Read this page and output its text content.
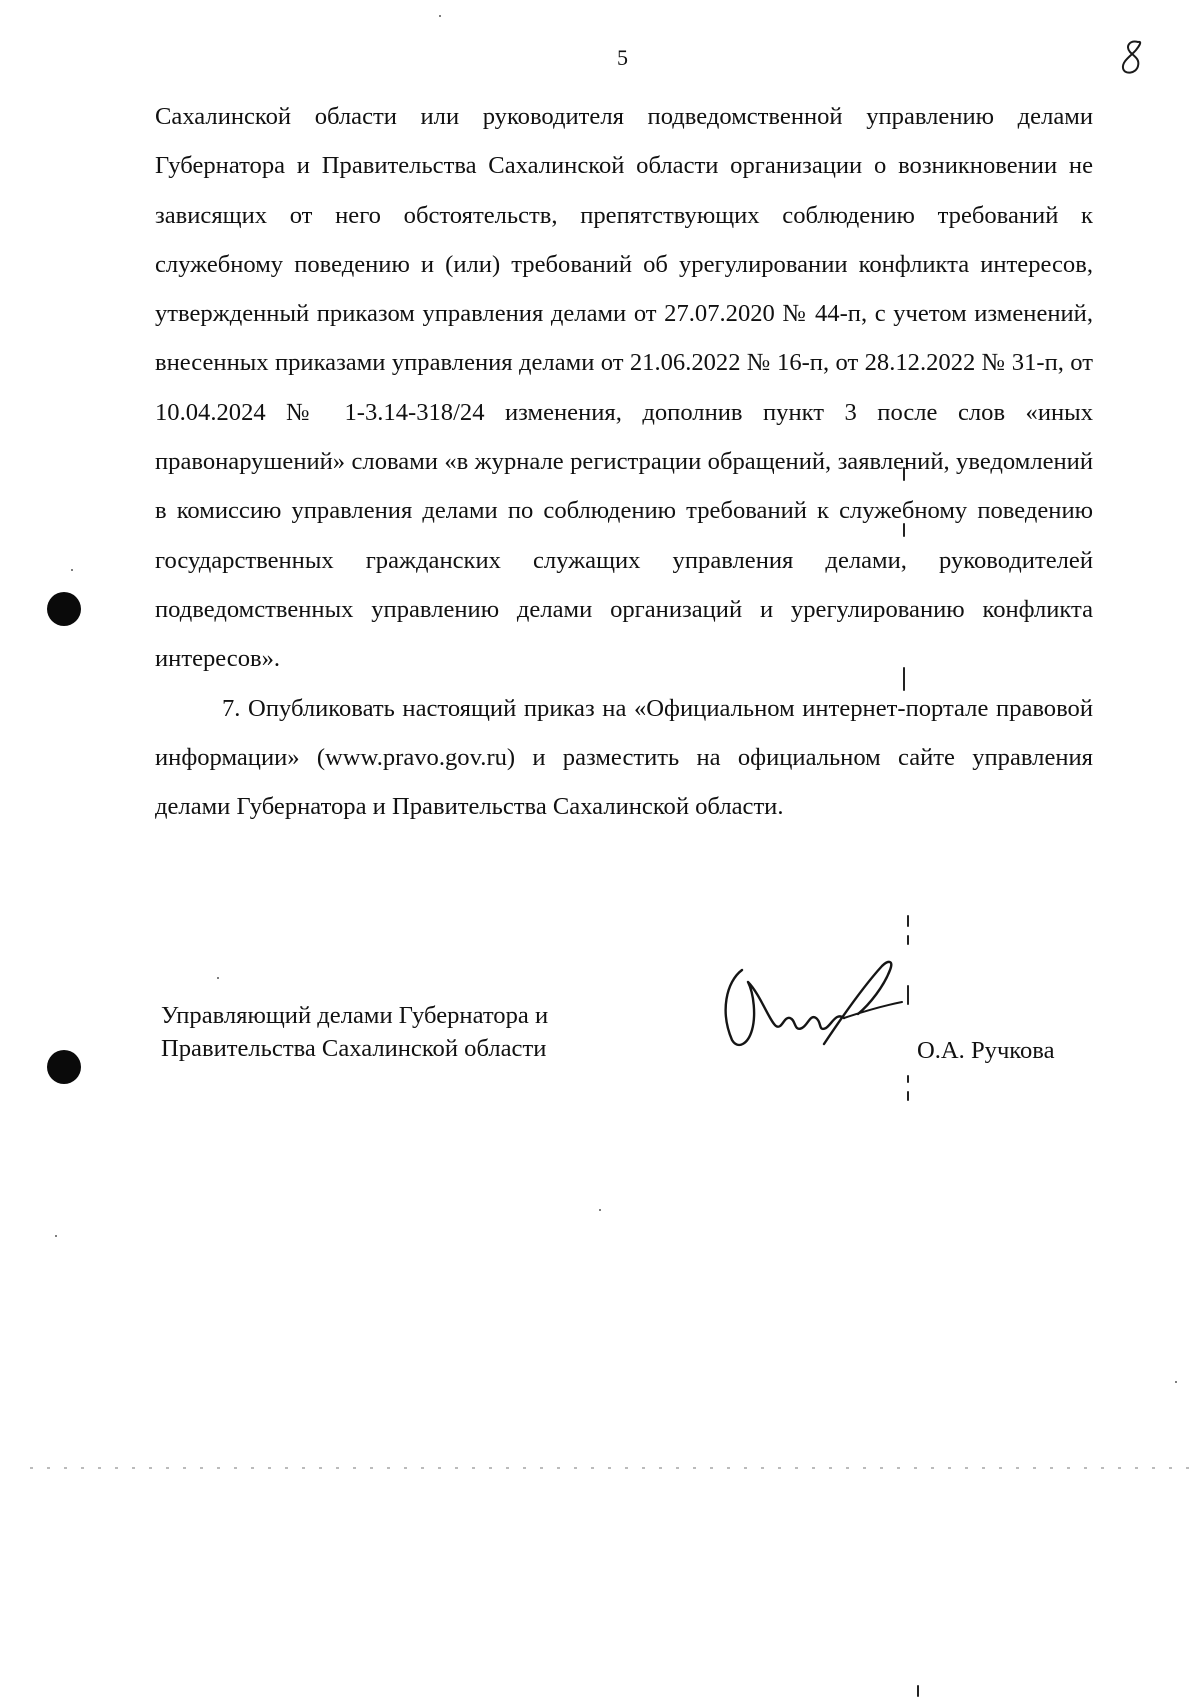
5

Сахалинской области или руководителя подведомственной управлению делами Губернатора и Правительства Сахалинской области организации о возникновении не зависящих от него обстоятельств, препятствующих соблюдению требований к служебному поведению и (или) требований об урегулировании конфликта интересов, утвержденный приказом управления делами от 27.07.2020 № 44-п, с учетом изменений, внесенных приказами управления делами от 21.06.2022 № 16-п, от 28.12.2022 № 31-п, от 10.04.2024 № 1-3.14-318/24 изменения, дополнив пункт 3 после слов «иных правонарушений» словами «в журнале регистрации обращений, заявлений, уведомлений в комиссию управления делами по соблюдению требований к служебному поведению государственных гражданских служащих управления делами, руководителей подведомственных управлению делами организаций и урегулированию конфликта интересов».

7. Опубликовать настоящий приказ на «Официальном интернет-портале правовой информации» (www.pravo.gov.ru) и разместить на официальном сайте управления делами Губернатора и Правительства Сахалинской области.

Управляющий делами Губернатора и
Правительства Сахалинской области	О.А. Ручкова
